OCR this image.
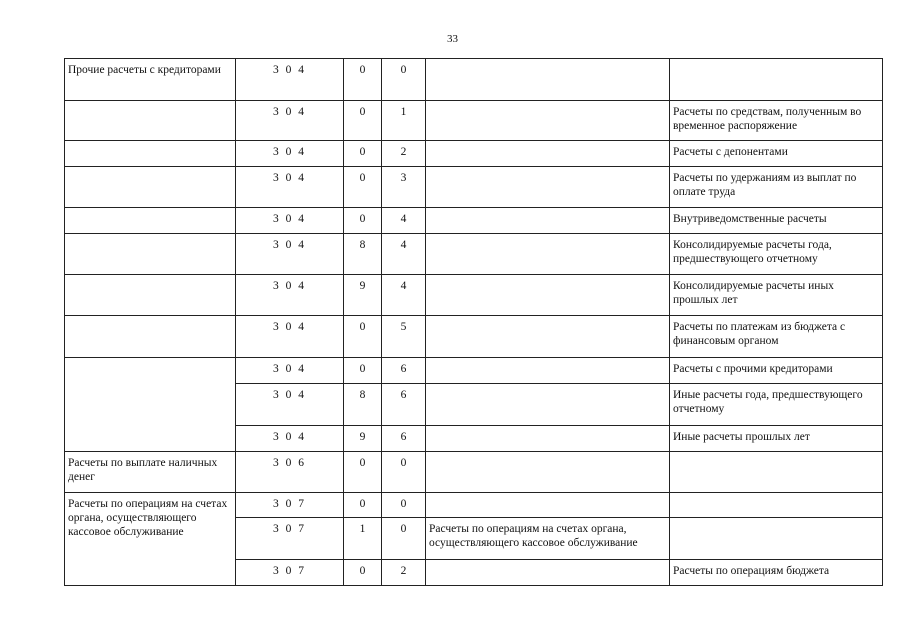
33
Прочие расчеты с кредиторами	3 0 4	0	0		
	3 0 4	0	1		Расчеты по средствам, полученным во временное распоряжение
	3 0 4	0	2		Расчеты с депонентами
	3 0 4	0	3		Расчеты по удержаниям из выплат по оплате труда
	3 0 4	0	4		Внутриведомственные расчеты
	3 0 4	8	4		Консолидируемые расчеты года, предшествующего отчетному
	3 0 4	9	4		Консолидируемые расчеты иных прошлых лет
	3 0 4	0	5		Расчеты по платежам из бюджета с финансовым органом
	3 0 4	0	6		Расчеты с прочими кредиторами
	3 0 4	8	6		Иные расчеты года, предшествующего отчетному
	3 0 4	9	6		Иные расчеты прошлых лет
Расчеты по выплате наличных денег	3 0 6	0	0		
Расчеты по операциям на счетах органа, осуществляющего кассовое обслуживание	3 0 7	0	0		
	3 0 7	1	0	Расчеты по операциям на счетах органа, осуществляющего кассовое обслуживание	
	3 0 7	0	2		Расчеты по операциям бюджета
